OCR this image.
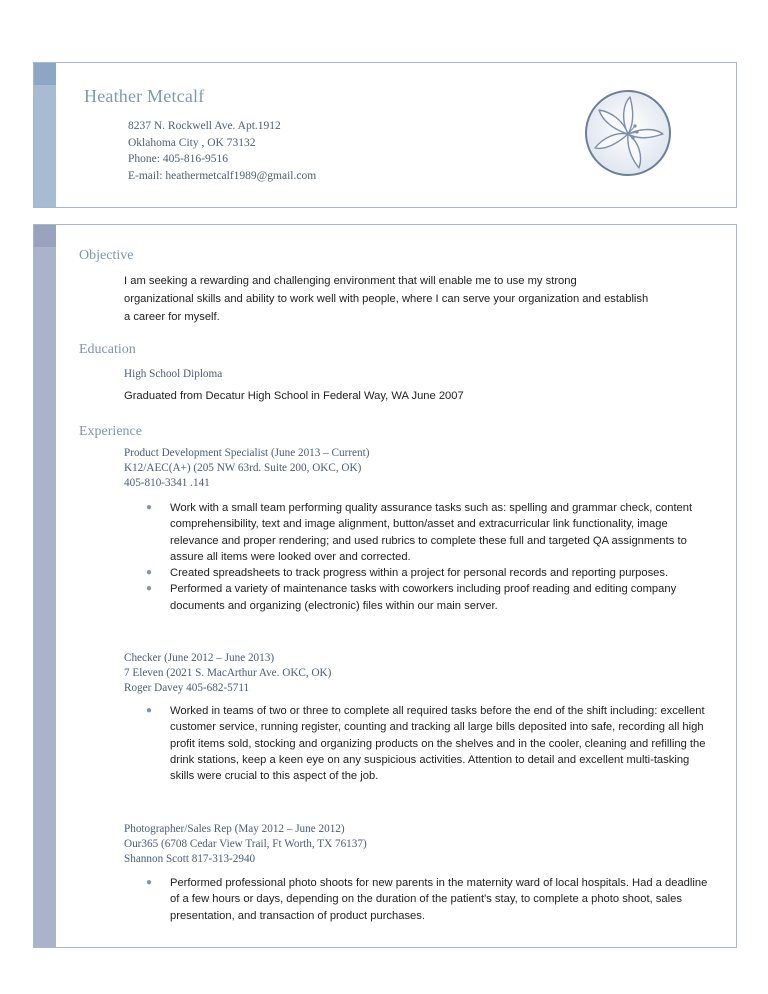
Heather Metcalf
8237 N. Rockwell Ave. Apt.1912
Oklahoma City , OK 73132
Phone: 405-816-9516
E-mail: heathermetcalf1989@gmail.com
Objective
I am seeking a rewarding and challenging environment that will enable me to use my strong
organizational skills and ability to work well with people, where I can serve your organization and establish
a career for myself.
Education
High School Diploma
Graduated from Decatur High School in Federal Way, WA June 2007
Experience
Product Development Specialist (June 2013 – Current)
K12/AEC(A+) (205 NW 63rd. Suite 200, OKC, OK)
405-810-3341 .141
● Work with a small team performing quality assurance tasks such as: spelling and grammar check, content comprehensibility, text and image alignment, button/asset and extracurricular link functionality, image relevance and proper rendering; and used rubrics to complete these full and targeted QA assignments to assure all items were looked over and corrected.
● Created spreadsheets to track progress within a project for personal records and reporting purposes.
● Performed a variety of maintenance tasks with coworkers including proof reading and editing company documents and organizing (electronic) files within our main server.
Checker (June 2012 – June 2013)
7 Eleven (2021 S. MacArthur Ave. OKC, OK)
Roger Davey 405-682-5711
● Worked in teams of two or three to complete all required tasks before the end of the shift including: excellent customer service, running register, counting and tracking all large bills deposited into safe, recording all high profit items sold, stocking and organizing products on the shelves and in the cooler, cleaning and refilling the drink stations, keep a keen eye on any suspicious activities. Attention to detail and excellent multi-tasking skills were crucial to this aspect of the job.
Photographer/Sales Rep (May 2012 – June 2012)
Our365 (6708 Cedar View Trail, Ft Worth, TX 76137)
Shannon Scott 817-313-2940
● Performed professional photo shoots for new parents in the maternity ward of local hospitals. Had a deadline of a few hours or days, depending on the duration of the patient's stay, to complete a photo shoot, sales presentation, and transaction of product purchases.
